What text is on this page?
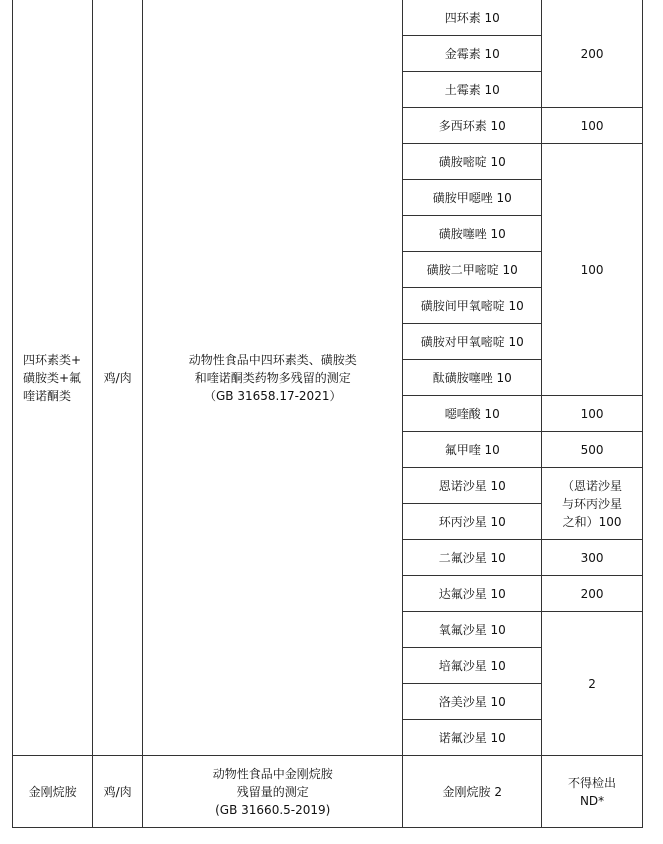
四环素类+
磺胺类+氟
喹诺酮类	鸡/肉	动物性食品中四环素类、磺胺类
和喹诺酮类药物多残留的测定
（GB 31658.17-2021）	四环素 10	200
			金霉素 10	
			土霉素 10	
			多西环素 10	100
			磺胺嘧啶 10	100
			磺胺甲噁唑 10	
			磺胺噻唑 10	
			磺胺二甲嘧啶 10	
			磺胺间甲氧嘧啶 10	
			磺胺对甲氧嘧啶 10	
			酞磺胺噻唑 10	
			噁喹酸 10	100
			氟甲喹 10	500
			恩诺沙星 10	（恩诺沙星
与环丙沙星
之和）100

			环丙沙星 10	
			二氟沙星 10	300
			达氟沙星 10	200
			氧氟沙星 10	2
			培氟沙星 10	
			洛美沙星 10	
			诺氟沙星 10	
金刚烷胺	鸡/肉	动物性食品中金刚烷胺
残留量的测定
(GB 31660.5-2019)	金刚烷胺 2	不得检出
ND*
